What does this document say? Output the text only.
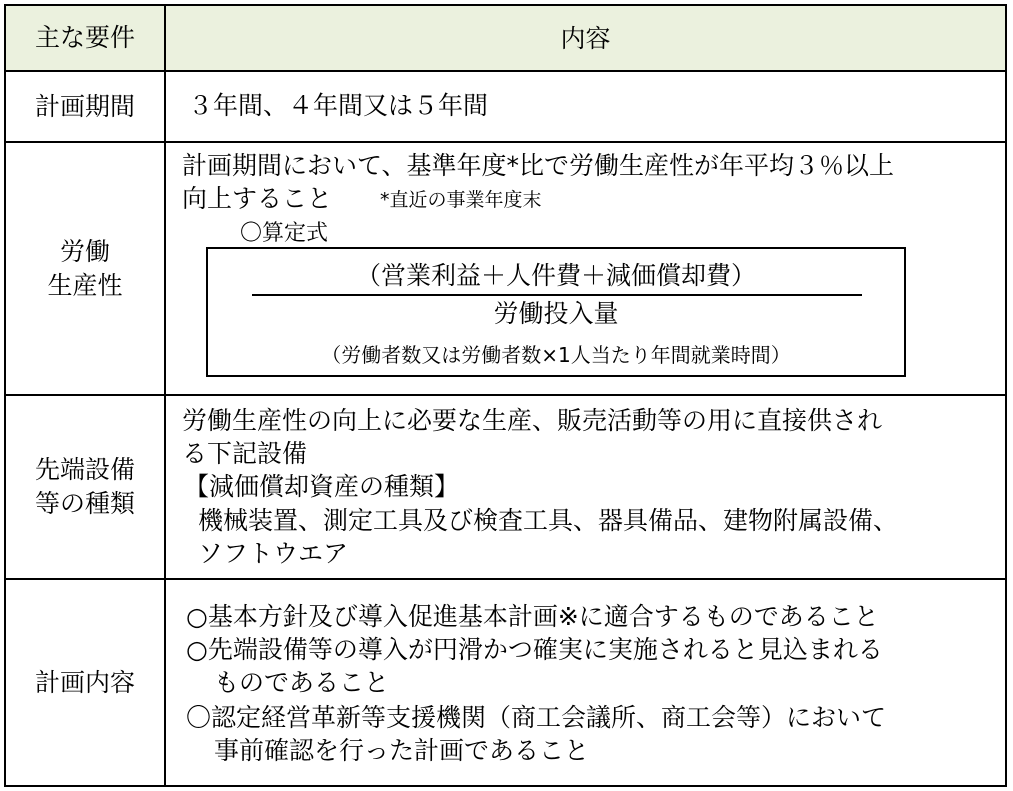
主な要件	内容
計画期間 ３年間、４年間又は５年間
労働
生産性
計画期間において、基準年度*比で労働生産性が年平均３％以上
向上すること	*直近の事業年度末
〇算定式
（営業利益＋人件費＋減価償却費）
労働投入量
（労働者数又は労働者数×1人当たり年間就業時間）
先端設備
等の種類
労働生産性の向上に必要な生産、販売活動等の用に直接供され
る下記設備
【減価償却資産の種類】
機械装置、測定工具及び検査工具、器具備品、建物附属設備、
ソフトウエア
計画内容
○基本方針及び導入促進基本計画※に適合するものであること
○先端設備等の導入が円滑かつ確実に実施されると見込まれる
ものであること
〇認定経営革新等支援機関（商工会議所、商工会等）において
事前確認を行った計画であること
